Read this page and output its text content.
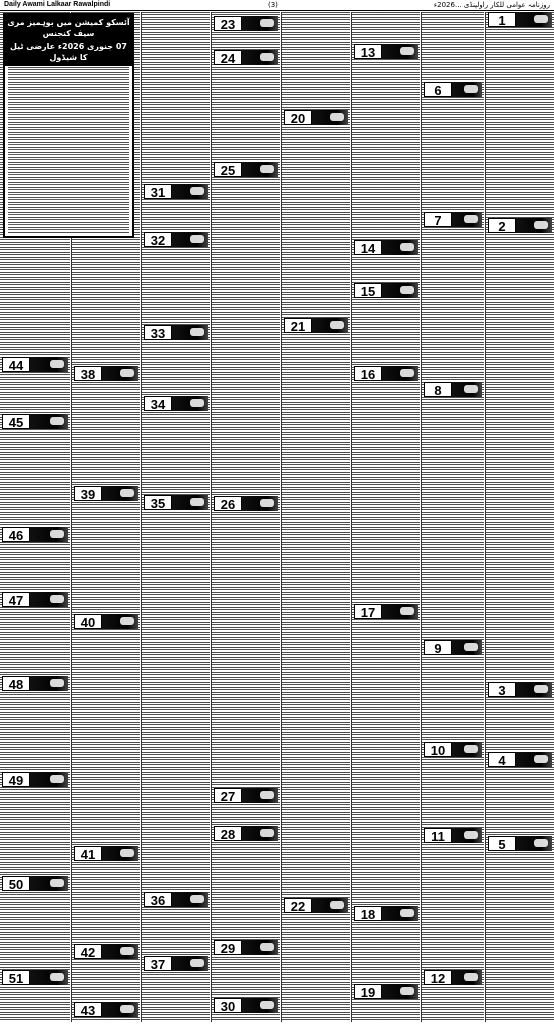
Daily Awami Lalkaar Rawalpindi	(3)	روزنامہ عوامی للکار راولپنڈی ...2026ء
آئسکو کمیشن میں بوہمیز مری سیف کنجنس
07 جنوری 2026ء عارضی ٹیل کا شیڈول
1
2
3
4
5
6
7
8
9
10
11
12
13
14
15
16
17
18
19
20
21
22
23
24
25
26
27
28
29
30
31
32
33
34
35
36
37
38
39
40
41
42
43
44
45
46
47
48
49
50
51
